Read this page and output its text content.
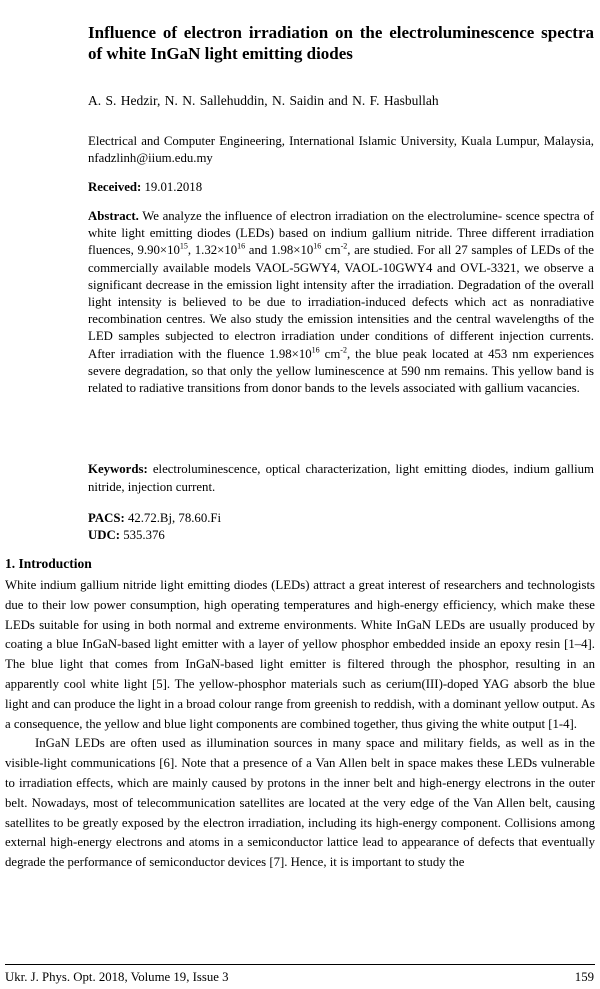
Influence of electron irradiation on the electroluminescence spectra of white InGaN light emitting diodes

A. S. Hedzir, N. N. Sallehuddin, N. Saidin and N. F. Hasbullah

Electrical and Computer Engineering, International Islamic University, Kuala Lumpur, Malaysia, nfadzlinh@iium.edu.my

Received: 19.01.2018

Abstract. We analyze the influence of electron irradiation on the electrolumine- scence spectra of white light emitting diodes (LEDs) based on indium gallium nitride. Three different irradiation fluences, $9.90\times 10^{15}$, $1.32\times 10^{16}$ and $1.98\times 10^{16}$ $cm^{-2}$, are studied. For all 27 samples of LEDs of the commercially available models VAOL-5GWY4, VAOL-10GWY4 and OVL-3321, we observe a significant decrease in the emission light intensity after the irradiation. Degradation of the overall light intensity is believed to be due to irradiation-induced defects which act as nonradiative recombination centres. We also study the emission intensities and the central wavelengths of the LED samples subjected to electron irradiation under conditions of different injection currents. After irradiation with the fluence $1.98\times 10^{16}$ $cm^{-2}$, the blue peak located at 453 nm experiences severe degradation, so that only the yellow luminescence at 590 nm remains. This yellow band is related to radiative transitions from donor bands to the levels associated with gallium vacancies.

Keywords: electroluminescence, optical characterization, light emitting diodes, indium gallium nitride, injection current.

PACS: 42.72.Bj, 78.60.Fi

UDC: 535.376

1. Introduction

White indium gallium nitride light emitting diodes (LEDs) attract a great interest of researchers and technologists due to their low power consumption, high operating temperatures and high-energy efficiency, which make these LEDs suitable for using in both normal and extreme environments. White InGaN LEDs are usually produced by coating a blue InGaN-based light emitter with a layer of yellow phosphor embedded inside an epoxy resin [1–4]. The blue light that comes from InGaN-based light emitter is filtered through the phosphor, resulting in an apparently cool white light [5]. The yellow-phosphor materials such as cerium(III)-doped YAG absorb the blue light and can produce the light in a broad colour range from greenish to reddish, with a dominant yellow output. As a consequence, the yellow and blue light components are combined together, thus giving the white output [1-4].

InGaN LEDs are often used as illumination sources in many space and military fields, as well as in the visible-light communications [6]. Note that a presence of a Van Allen belt in space makes these LEDs vulnerable to irradiation effects, which are mainly caused by protons in the inner belt and high-energy electrons in the outer belt. Nowadays, most of telecommunication satellites are located at the very edge of the Van Allen belt, causing satellites to be greatly exposed by the electron irradiation, including its high-energy component. Collisions among external high-energy electrons and atoms in a semiconductor lattice lead to appearance of defects that eventually degrade the performance of semiconductor devices [7]. Hence, it is important to study the

Ukr. J. Phys. Opt. 2018, Volume 19, Issue 3	159
